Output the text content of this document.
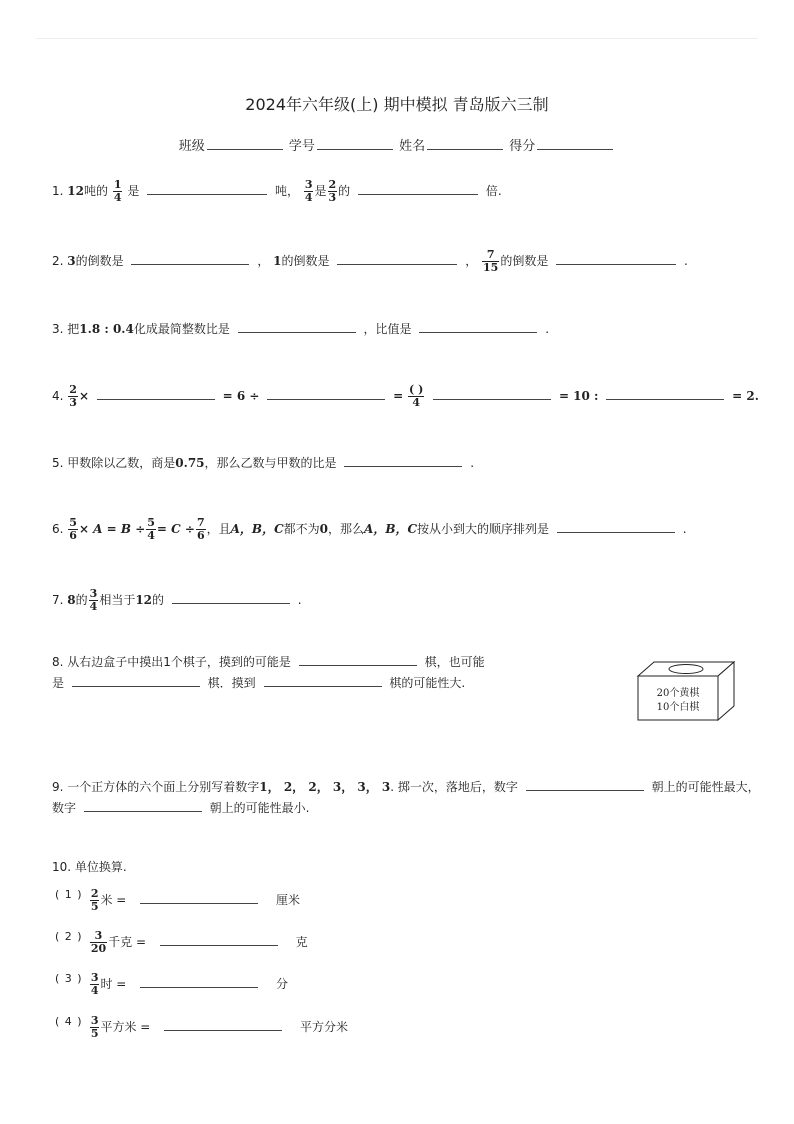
2024年六年级(上) 期中模拟 青岛版六三制
班级	学号	姓名	得分
1. 12吨的 $\frac{1}{4}$ 是	吨， $\frac{3}{4}$ 是 $\frac{2}{3}$ 的	倍.
2. 3的倒数是	， 1的倒数是	， $\frac{7}{15}$ 的倒数是	.
3. 把1.8 : 0.4化成最简整数比是	，比值是	.
4. $\frac{2}{3}$ ×	= 6 ÷	= $\frac{( )}{4}$	= 10 :	= 2.
5. 甲数除以乙数，商是0.75，那么乙数与甲数的比是	.
6. $\frac{5}{6} \times A = B \div \frac{5}{4} = C \div \frac{7}{6}$ ，且A，B，C都不为0，那么A，B，C按从小到大的顺序排列是	.
7. 8的 $\frac{3}{4}$ 相当于12的	.
8. 从右边盒子中摸出1个棋子，摸到的可能是	棋，也可能
是	棋．摸到	棋的可能性大.
20个黄棋
10个白棋
9. 一个正方体的六个面上分别写着数字1， 2， 2， 3， 3， 3. 掷一次，落地后，数字	朝上的可能性最大，
数字	朝上的可能性最小.
10. 单位换算.
( 1 ) $\frac{2}{5}$ 米 =	厘米
( 2 ) $\frac{3}{20}$ 千克 =	克
( 3 ) $\frac{3}{4}$ 时 =	分
( 4 ) $\frac{3}{5}$ 平方米 =	平方分米
